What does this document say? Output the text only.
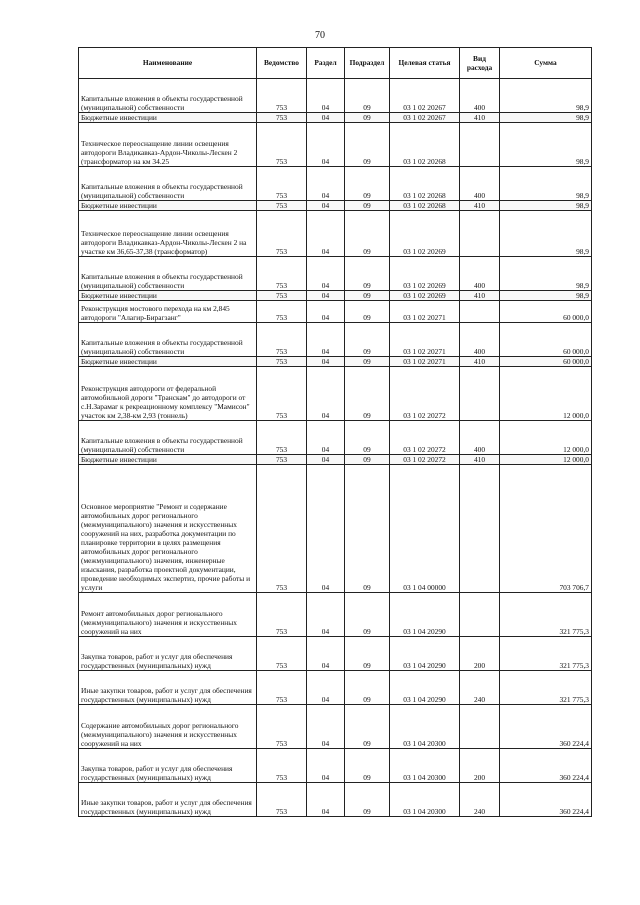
70
Наименование	Ведомство	Раздел	Подраздел	Целевая статья	Вид расхода	Сумма
Капитальные вложения в объекты государственной (муниципальной) собственности	753	04	09	03 1 02 20267	400	98,9
Бюджетные инвестиции	753	04	09	03 1 02 20267	410	98,9
Техническое переоснащение линии освещения автодороги Владикавказ-Ардон-Чиколы-Лескен 2 (трансформатор на км 34.25	753	04	09	03 1 02 20268		98,9
Капитальные вложения в объекты государственной (муниципальной) собственности	753	04	09	03 1 02 20268	400	98,9
Бюджетные инвестиции	753	04	09	03 1 02 20268	410	98,9
Техническое переоснащение линии освещения автодороги Владикавказ-Ардон-Чиколы-Лескен 2 на участке км 36,65-37,38 (трансформатор)	753	04	09	03 1 02 20269		98,9
Капитальные вложения в объекты государственной (муниципальной) собственности	753	04	09	03 1 02 20269	400	98,9
Бюджетные инвестиции	753	04	09	03 1 02 20269	410	98,9
Реконструкция мостового перехода на км 2,845 автодороги "Алагир-Бирагзанг"	753	04	09	03 1 02 20271		60 000,0
Капитальные вложения в объекты государственной (муниципальной) собственности	753	04	09	03 1 02 20271	400	60 000,0
Бюджетные инвестиции	753	04	09	03 1 02 20271	410	60 000,0
Реконструкция автодороги от федеральной автомобильной дороги "Транскам" до автодороги от с.Н.Зарамаг к рекреационному комплексу "Мамисон" участок км 2,38-км 2,93 (тоннель)	753	04	09	03 1 02 20272		12 000,0
Капитальные вложения в объекты государственной (муниципальной) собственности	753	04	09	03 1 02 20272	400	12 000,0
Бюджетные инвестиции	753	04	09	03 1 02 20272	410	12 000,0
Основное мероприятие "Ремонт и содержание автомобильных дорог регионального (межмуниципального) значения и искусственных сооружений на них, разработка документации по планировке территории в целях размещения автомобильных дорог регионального (межмуниципального) значения, инженерные изыскания, разработка проектной документации, проведение необходимых экспертиз, прочие работы и услуги	753	04	09	03 1 04 00000		703 706,7
Ремонт автомобильных дорог регионального (межмуниципального) значения и искусственных сооружений на них	753	04	09	03 1 04 20290		321 775,3
Закупка товаров, работ и услуг для обеспечения государственных (муниципальных) нужд	753	04	09	03 1 04 20290	200	321 775,3
Иные закупки товаров, работ и услуг для обеспечения государственных (муниципальных) нужд	753	04	09	03 1 04 20290	240	321 775,3
Содержание автомобильных дорог регионального (межмуниципального) значения и искусственных сооружений на них	753	04	09	03 1 04 20300		360 224,4
Закупка товаров, работ и услуг для обеспечения государственных (муниципальных) нужд	753	04	09	03 1 04 20300	200	360 224,4
Иные закупки товаров, работ и услуг для обеспечения государственных (муниципальных) нужд	753	04	09	03 1 04 20300	240	360 224,4
